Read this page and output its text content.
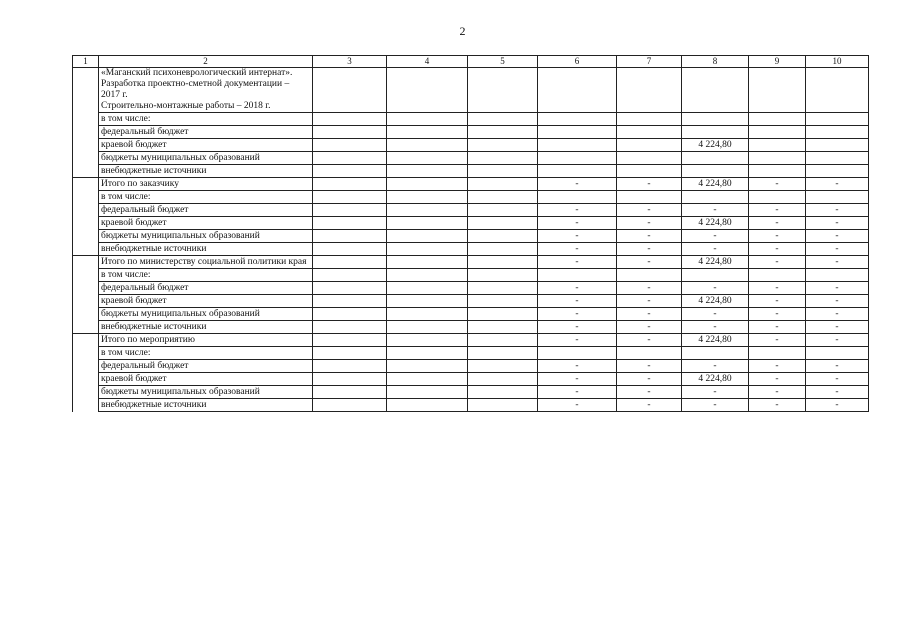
2
1	2	3	4	5	6	7	8	9	10

	«Маганский психоневрологический интернат».
Разработка проектно-сметной документации – 2017 г.
Строительно-монтажные работы – 2018 г.								

	в том числе:								
	федеральный бюджет								
	краевой бюджет						4 224,80		
	бюджеты муниципальных образований								
	внебюджетные источники								

	Итого по заказчику				-	-	4 224,80	-	-
	в том числе:								
	федеральный бюджет				-	-	-	-	-
	краевой бюджет				-	-	4 224,80	-	-
	бюджеты муниципальных образований				-	-	-	-	-
	внебюджетные источники				-	-	-	-	-

	Итого по министерству социальной политики края				-	-	4 224,80	-	-
	в том числе:								
	федеральный бюджет				-	-	-	-	-
	краевой бюджет				-	-	4 224,80	-	-
	бюджеты муниципальных образований				-	-	-	-	-
	внебюджетные источники				-	-	-	-	-

	Итого по мероприятию				-	-	4 224,80	-	-
	в том числе:								
	федеральный бюджет				-	-	-	-	-
	краевой бюджет				-	-	4 224,80	-	-
	бюджеты муниципальных образований				-	-	-	-	-
	внебюджетные источники				-	-	-	-	-
